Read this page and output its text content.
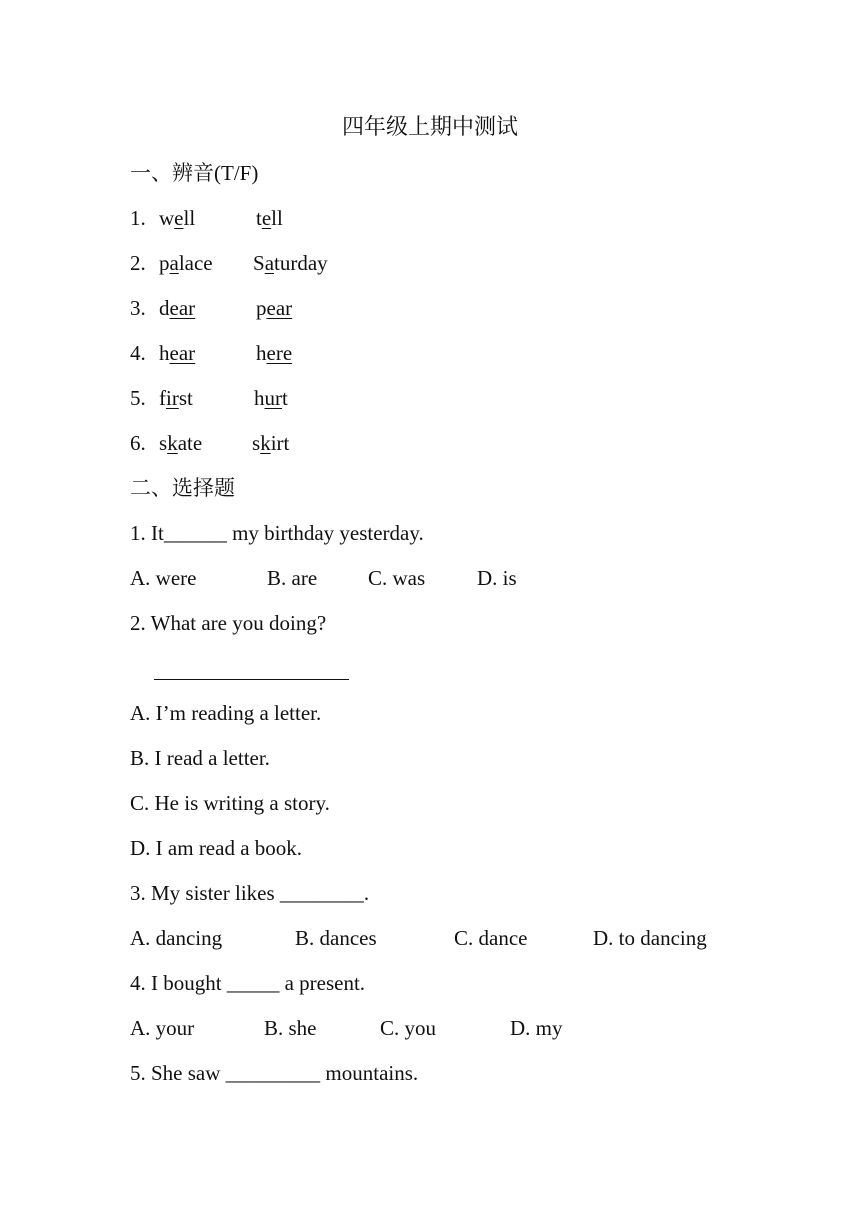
四年级上期中测试
一、辨音(T/F)
1. well	tell
2. palace Saturday
3. dear	pear
4. hear	here
5. first	hurt
6. skate skirt
二、选择题
1. It______ my birthday yesterday.
A. were	B. are C. was D. is
2. What are you doing?
A. I’m reading a letter.
B. I read a letter.
C. He is writing a story.
D. I am read a book.
3. My sister likes ________.
A. dancing	B. dances	C. dance	D. to dancing
4. I bought _____ a present.
A. your	B. she	C. you	D. my
5. She saw _________ mountains.
